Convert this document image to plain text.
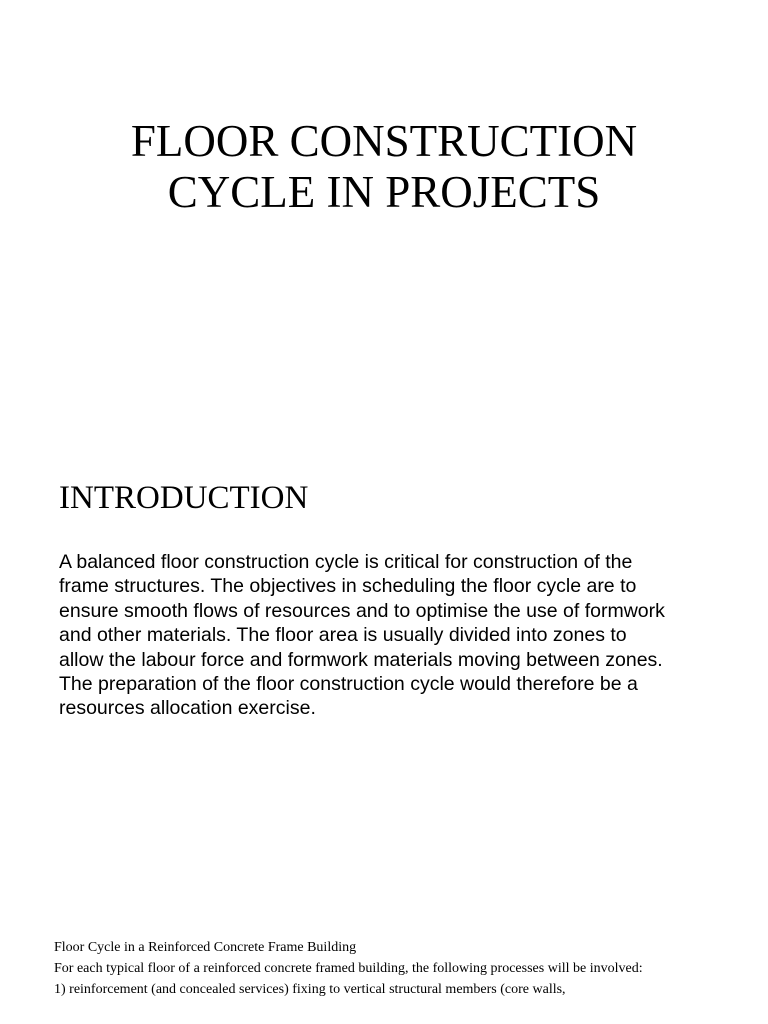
FLOOR CONSTRUCTION
CYCLE IN PROJECTS
INTRODUCTION
A balanced floor construction cycle is critical for construction of the
frame structures. The objectives in scheduling the floor cycle are to
ensure smooth flows of resources and to optimise the use of formwork
and other materials. The floor area is usually divided into zones to
allow the labour force and formwork materials moving between zones.
The preparation of the floor construction cycle would therefore be a
resources allocation exercise.

Floor Cycle in a Reinforced Concrete Frame Building

For each typical floor of a reinforced concrete framed building, the following processes will be involved:

1) reinforcement (and concealed services) fixing to vertical structural members (core walls,
